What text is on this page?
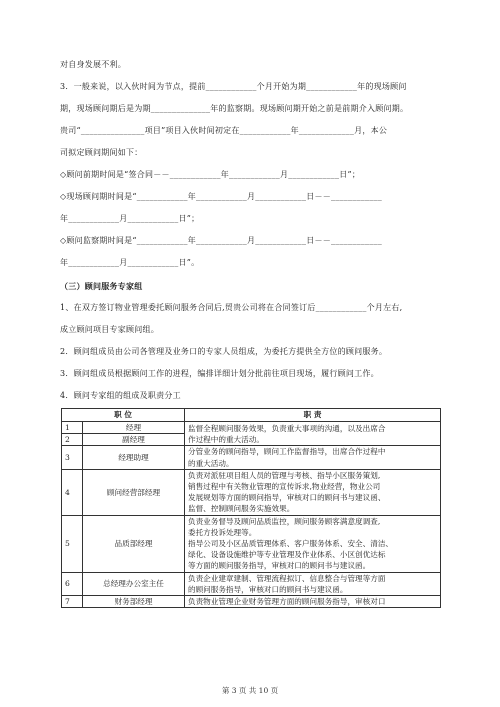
对自身发展不利。
3．一般来说，以入伙时间为节点，提前____________个月开始为期____________年的现场顾问
期，现场顾问期后是为期______________年的监察期。现场顾问期开始之前是前期介入顾问期。
贵司“_______________项目”项目入伙时间初定在____________年_____________月，本公
司拟定顾问期间如下：
◇顾问前期时间是“签合同－－____________年____________月____________日”；
◇现场顾问期时间是“____________年____________月____________日－－____________
年____________月____________日”；
◇顾问监察期时间是“____________年____________月____________日－－____________
年____________月____________日”。
（三）顾问服务专家组
1、在双方签订物业管理委托顾问服务合同后,贸贵公司将在合同签订后____________个月左右,
成立顾问项目专家顾问组。
2．顾问组成员由公司各管理及业务口的专家人员组成，为委托方提供全方位的顾问服务。
3．顾问组成员根据顾问工作的进程，编排详细计划分批前往项目现场，履行顾问工作。
4．顾问专家组的组成及职责分工
职 位		职 责
1	经理	监督全程顾问服务效果，负责重大事项的沟通，以及出席合
作过程中的重大活动。

2	副经理	
3	经理助理	分管业务的顾问指导，顾问工作监督指导，出席合作过程中
的重大活动。

4	顾问经营部经理	负责对派驻项目组人员的管理与考核、指导小区服务策划,
销售过程中有关物业管理的宣传诉求,物业经营，物业公司
发展规划等方面的顾问指导，审核对口的顾问书与建议函、
监督、控制顾问服务实施效果。

5	品质部经理	负责业务督导及顾问品质监控，顾问服务顾客满意度调查,
委托方投诉处理等。
指导公司及小区品质管理体系、客户服务体系、安全、清洁、
绿化、设备设施维护等专业管理及作业体系、小区创优达标
等方面的顾问服务指导，审核对口的顾问书与建议函。

6	总经理办公室主任	负责企业建章建制、管理流程拟订、信息整合与管理等方面
的顾问服务指导，审核对口的顾问书与建议函。

7	财务部经理	负责物业管理企业财务管理方面的顾问服务指导，审核对口
第 3 页 共 10 页
